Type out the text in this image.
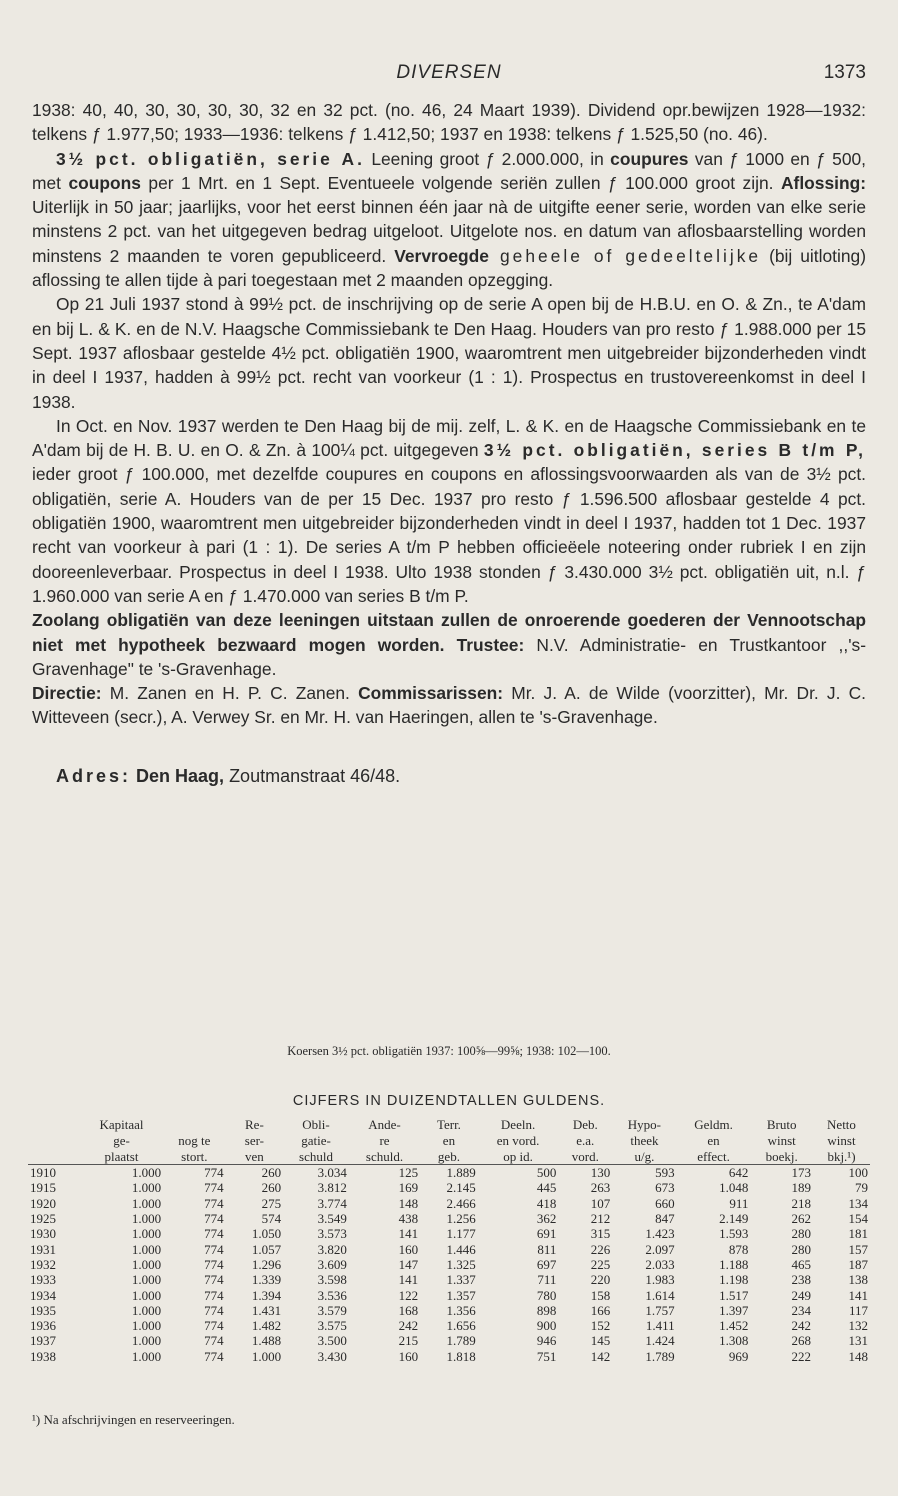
DIVERSEN	1373

1938: 40, 40, 30, 30, 30, 30, 32 en 32 pct. (no. 46, 24 Maart 1939). Dividend opr.bewijzen 1928—1932: telkens ƒ 1.977,50; 1933—1936: telkens ƒ 1.412,50; 1937 en 1938: telkens ƒ 1.525,50 (no. 46).

3½ pct. obligatiën, serie A. Leening groot ƒ 2.000.000, in coupures van ƒ 1000 en ƒ 500, met coupons per 1 Mrt. en 1 Sept. Eventueele volgende seriën zullen ƒ 100.000 groot zijn. Aflossing: Uiterlijk in 50 jaar; jaarlijks, voor het eerst binnen één jaar nà de uitgifte eener serie, worden van elke serie minstens 2 pct. van het uitgegeven bedrag uitgeloot. Uitgelote nos. en datum van aflosbaarstelling worden minstens 2 maanden te voren gepubliceerd. Vervroegde geheele of gedeeltelijke (bij uitloting) aflossing te allen tijde à pari toegestaan met 2 maanden opzegging.

Op 21 Juli 1937 stond à 99½ pct. de inschrijving op de serie A open bij de H.B.U. en O. & Zn., te A'dam en bij L. & K. en de N.V. Haagsche Commissiebank te Den Haag. Houders van pro resto ƒ 1.988.000 per 15 Sept. 1937 aflosbaar gestelde 4½ pct. obligatiën 1900, waaromtrent men uitgebreider bijzonderheden vindt in deel I 1937, hadden à 99½ pct. recht van voorkeur (1 : 1). Prospectus en trustovereenkomst in deel I 1938.

In Oct. en Nov. 1937 werden te Den Haag bij de mij. zelf, L. & K. en de Haagsche Commissiebank en te A'dam bij de H. B. U. en O. & Zn. à 100¼ pct. uitgegeven 3½ pct. obligatiën, series B t/m P, ieder groot ƒ 100.000, met dezelfde coupures en coupons en aflossingsvoorwaarden als van de 3½ pct. obligatiën, serie A. Houders van de per 15 Dec. 1937 pro resto ƒ 1.596.500 aflosbaar gestelde 4 pct. obligatiën 1900, waaromtrent men uitgebreider bijzonderheden vindt in deel I 1937, hadden tot 1 Dec. 1937 recht van voorkeur à pari (1 : 1). De series A t/m P hebben officieëele noteering onder rubriek I en zijn dooreenleverbaar. Prospectus in deel I 1938. Ulto 1938 stonden ƒ 3.430.000 3½ pct. obligatiën uit, n.l. ƒ 1.960.000 van serie A en ƒ 1.470.000 van series B t/m P.

Zoolang obligatiën van deze leeningen uitstaan zullen de onroerende goederen der Vennootschap niet met hypotheek bezwaard mogen worden. Trustee: N.V. Administratie- en Trustkantoor ,,'s-Gravenhage" te 's-Gravenhage.

Directie: M. Zanen en H. P. C. Zanen. Commissarissen: Mr. J. A. de Wilde (voorzitter), Mr. Dr. J. C. Witteveen (secr.), A. Verwey Sr. en Mr. H. van Haeringen, allen te 's-Gravenhage.

Adres: Den Haag, Zoutmanstraat 46/48.

Koersen 3½ pct. obligatiën 1937: 100⅝—99⅝; 1938: 102—100.
CIJFERS IN DUIZENDTALLEN GULDENS.
	Kapitaal		Re-	Obli-	Ande-	Terr.	Deeln.	Deb.	Hypo-	Geldm.	Bruto	Netto
	ge-	nog te	ser-	gatie-	re	en	en vord.	e.a.	theek	en	winst	winst
	plaatst	stort.	ven	schuld	schuld.	geb.	op id.	vord.	u/g.	effect.	boekj.	bkj.¹)
1910	1.000	774	260	3.034	125	1.889	500	130	593	642	173	100
1915	1.000	774	260	3.812	169	2.145	445	263	673	1.048	189	79
1920	1.000	774	275	3.774	148	2.466	418	107	660	911	218	134
1925	1.000	774	574	3.549	438	1.256	362	212	847	2.149	262	154
1930	1.000	774	1.050	3.573	141	1.177	691	315	1.423	1.593	280	181
1931	1.000	774	1.057	3.820	160	1.446	811	226	2.097	878	280	157
1932	1.000	774	1.296	3.609	147	1.325	697	225	2.033	1.188	465	187
1933	1.000	774	1.339	3.598	141	1.337	711	220	1.983	1.198	238	138
1934	1.000	774	1.394	3.536	122	1.357	780	158	1.614	1.517	249	141
1935	1.000	774	1.431	3.579	168	1.356	898	166	1.757	1.397	234	117
1936	1.000	774	1.482	3.575	242	1.656	900	152	1.411	1.452	242	132
1937	1.000	774	1.488	3.500	215	1.789	946	145	1.424	1.308	268	131
1938	1.000	774	1.000	3.430	160	1.818	751	142	1.789	969	222	148
¹) Na afschrijvingen en reserveeringen.
